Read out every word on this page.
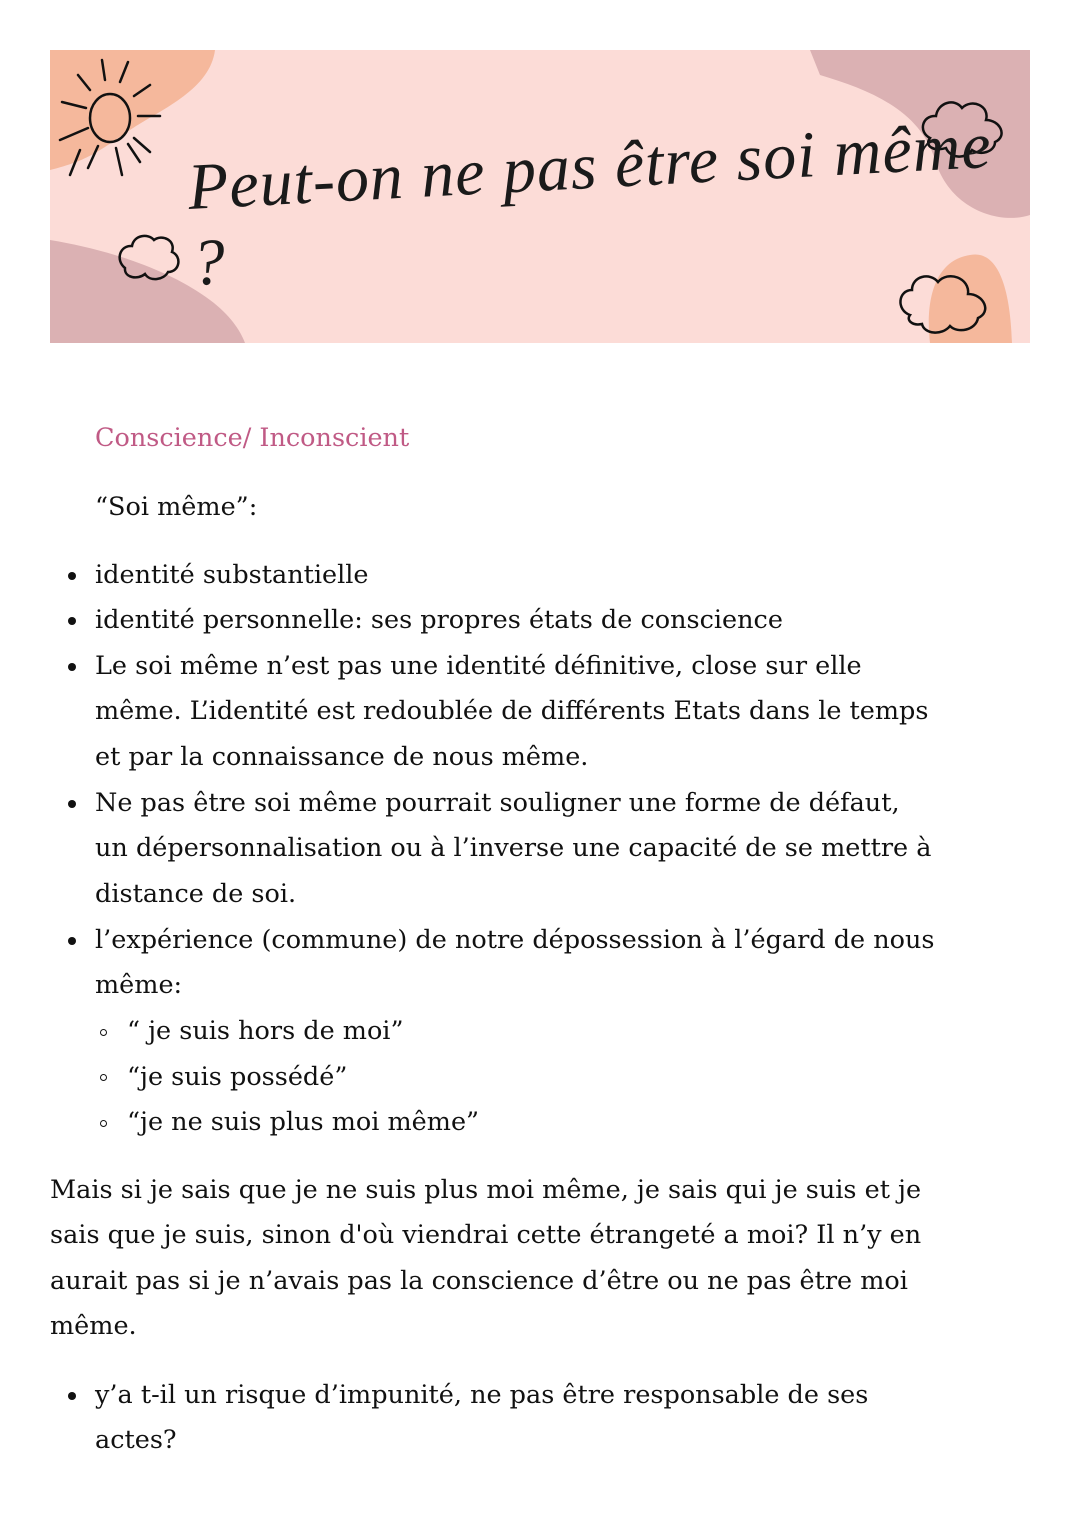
Peut-on ne pas être soi même ?
Conscience/ Inconscient
“Soi même”:
identité substantielle
identité personnelle: ses propres états de conscience
Le soi même n’est pas une identité définitive, close sur elle
même. L’identité est redoublée de différents Etats dans le temps
et par la connaissance de nous même.
Ne pas être soi même pourrait souligner une forme de défaut,
un dépersonnalisation ou à l’inverse une capacité de se mettre à
distance de soi.
l’expérience (commune) de notre dépossession à l’égard de nous
même:
“ je suis hors de moi”
“je suis possédé”
“je ne suis plus moi même”
Mais si je sais que je ne suis plus moi même, je sais qui je suis et je
sais que je suis, sinon d'où viendrai cette étrangeté a moi? Il n’y en
aurait pas si je n’avais pas la conscience d’être ou ne pas être moi
même.
y’a t-il un risque d’impunité, ne pas être responsable de ses
actes?
